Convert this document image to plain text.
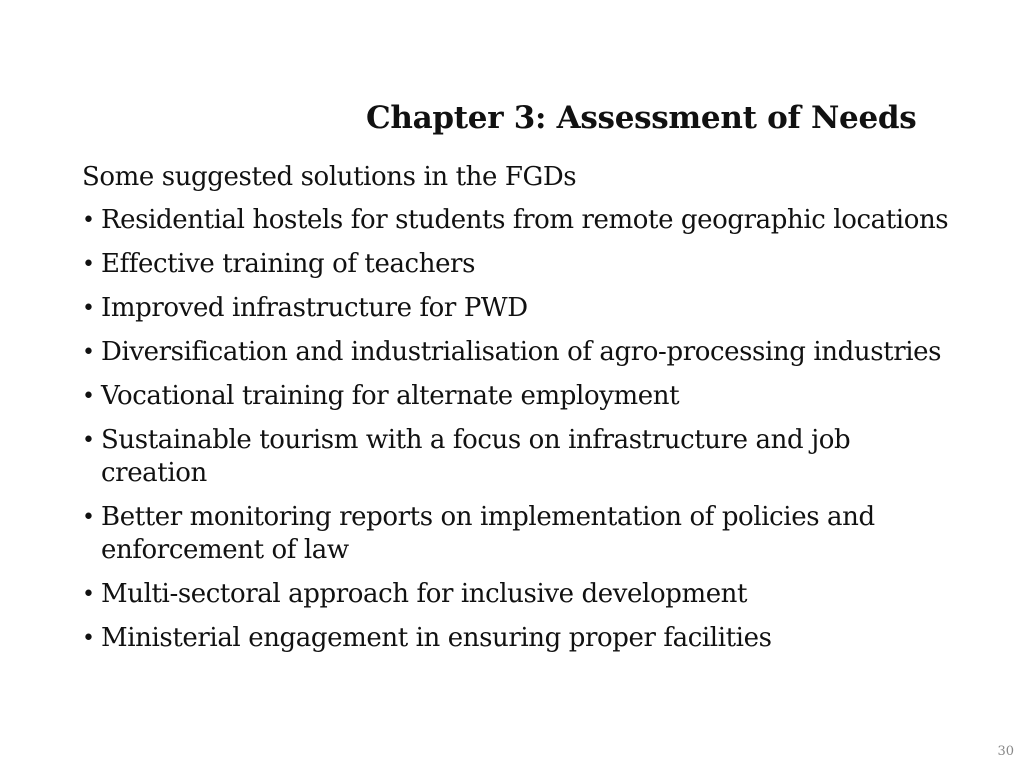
Chapter 3: Assessment of Needs

Some suggested solutions in the FGDs

• Residential hostels for students from remote geographic locations
• Effective training of teachers
• Improved infrastructure for PWD
• Diversification and industrialisation of agro-processing industries
• Vocational training for alternate employment
• Sustainable tourism with a focus on infrastructure and job creation
• Better monitoring reports on implementation of policies and enforcement of law
• Multi-sectoral approach for inclusive development
• Ministerial engagement in ensuring proper facilities
30
